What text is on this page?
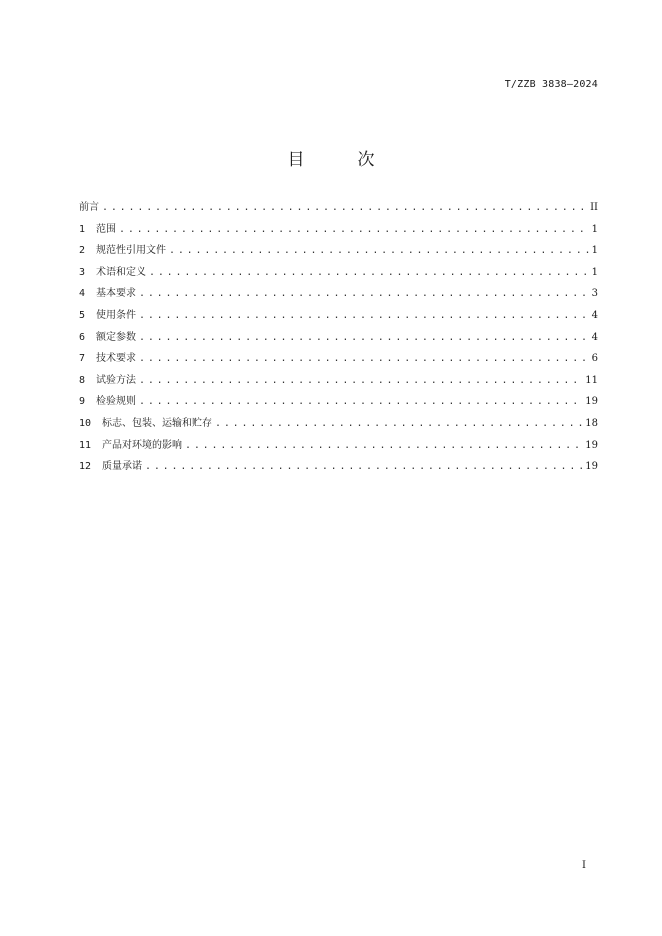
T/ZZB 3838—2024
目　次
前言 . . .	II
1	范围 . . .	1
2	规范性引用文件 . . .	1
3	术语和定义 . . .	1
4	基本要求 . . .	3
5	使用条件 . . .	4
6	额定参数 . . .	4
7	技术要求 . . .	6
8	试验方法 . . .	11
9	检验规则 . . .	19
10	标志、包装、运输和贮存 . . .	18
11	产品对环境的影响 . . .	19
12	质量承诺 . . .	19
I
